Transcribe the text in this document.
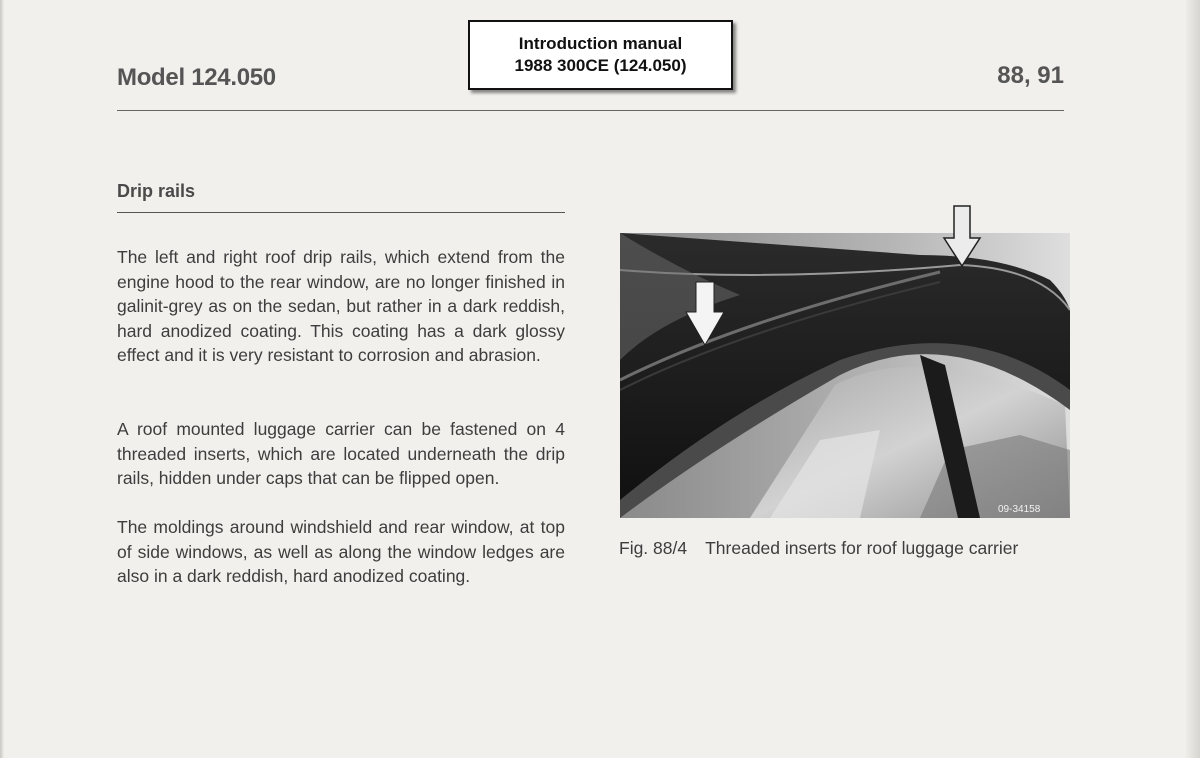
Introduction manual
1988 300CE (124.050)
Model 124.050	88, 91
Drip rails

The left and right roof drip rails, which extend from the engine hood to the rear window, are no longer finished in galinit-grey as on the sedan, but rather in a dark reddish, hard anodized coating. This coating has a dark glossy effect and it is very resistant to corrosion and abrasion.

A roof mounted luggage carrier can be fastened on 4 threaded inserts, which are located underneath the drip rails, hidden under caps that can be flipped open.

The moldings around windshield and rear window, at top of side windows, as well as along the window ledges are also in a dark reddish, hard anodized coating.

09-34158
Fig. 88/4 Threaded inserts for roof luggage carrier
